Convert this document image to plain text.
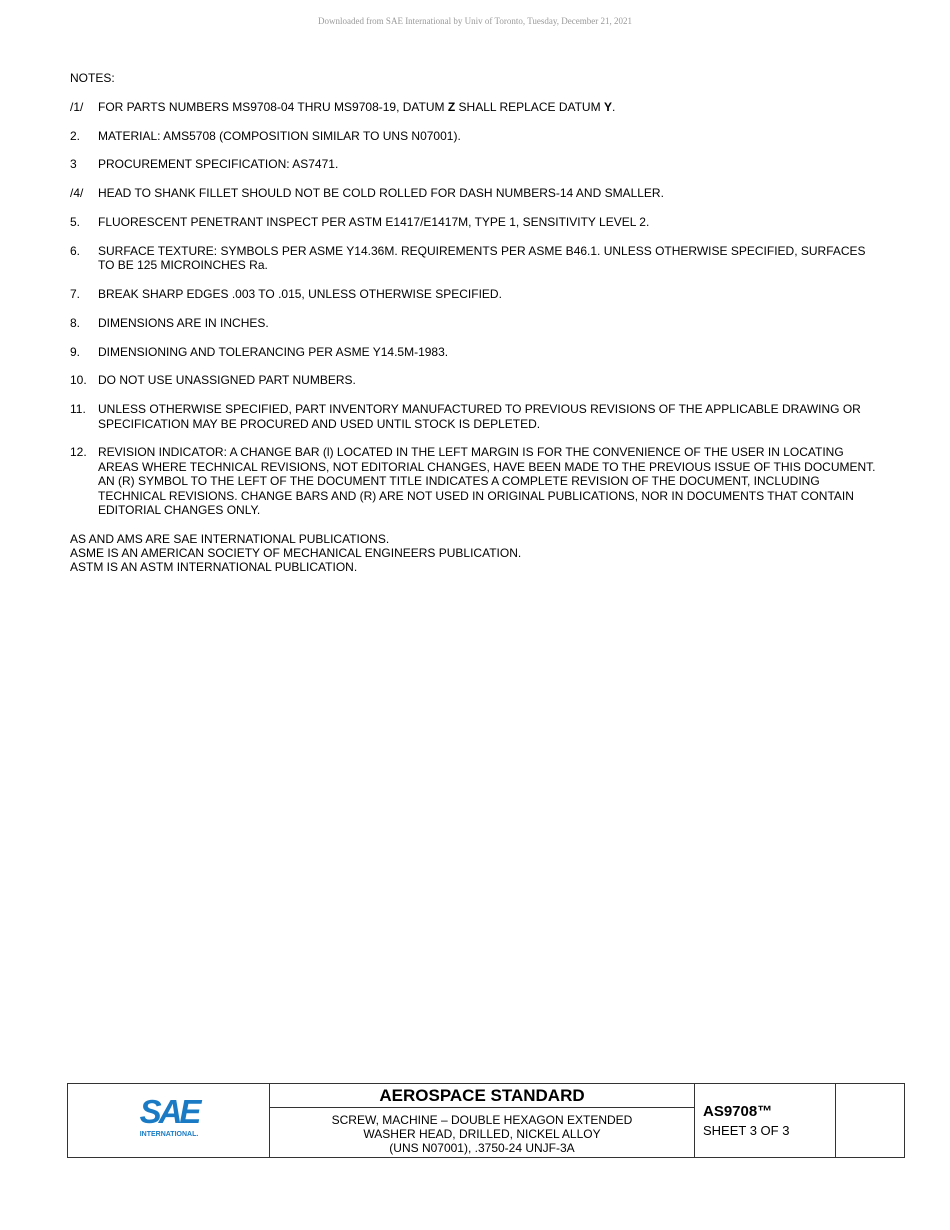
Downloaded from SAE International by Univ of Toronto, Tuesday, December 21, 2021
NOTES:
/1/	FOR PARTS NUMBERS MS9708-04 THRU MS9708-19, DATUM Z SHALL REPLACE DATUM Y.
2.	MATERIAL: AMS5708 (COMPOSITION SIMILAR TO UNS N07001).
3	PROCUREMENT SPECIFICATION: AS7471.
/4/	HEAD TO SHANK FILLET SHOULD NOT BE COLD ROLLED FOR DASH NUMBERS-14 AND SMALLER.
5.	FLUORESCENT PENETRANT INSPECT PER ASTM E1417/E1417M, TYPE 1, SENSITIVITY LEVEL 2.
6.	SURFACE TEXTURE: SYMBOLS PER ASME Y14.36M. REQUIREMENTS PER ASME B46.1. UNLESS OTHERWISE SPECIFIED, SURFACES TO BE 125 MICROINCHES Ra.
7.	BREAK SHARP EDGES .003 TO .015, UNLESS OTHERWISE SPECIFIED.
8.	DIMENSIONS ARE IN INCHES.
9.	DIMENSIONING AND TOLERANCING PER ASME Y14.5M-1983.
10. DO NOT USE UNASSIGNED PART NUMBERS.
11.	UNLESS OTHERWISE SPECIFIED, PART INVENTORY MANUFACTURED TO PREVIOUS REVISIONS OF THE APPLICABLE DRAWING OR SPECIFICATION MAY BE PROCURED AND USED UNTIL STOCK IS DEPLETED.
12. REVISION INDICATOR: A CHANGE BAR (l) LOCATED IN THE LEFT MARGIN IS FOR THE CONVENIENCE OF THE USER IN LOCATING AREAS WHERE TECHNICAL REVISIONS, NOT EDITORIAL CHANGES, HAVE BEEN MADE TO THE PREVIOUS ISSUE OF THIS DOCUMENT. AN (R) SYMBOL TO THE LEFT OF THE DOCUMENT TITLE INDICATES A COMPLETE REVISION OF THE DOCUMENT, INCLUDING TECHNICAL REVISIONS. CHANGE BARS AND (R) ARE NOT USED IN ORIGINAL PUBLICATIONS, NOR IN DOCUMENTS THAT CONTAIN EDITORIAL CHANGES ONLY.
AS AND AMS ARE SAE INTERNATIONAL PUBLICATIONS.
ASME IS AN AMERICAN SOCIETY OF MECHANICAL ENGINEERS PUBLICATION.
ASTM IS AN ASTM INTERNATIONAL PUBLICATION.
SAE
INTERNATIONAL.
AEROSPACE STANDARD
SCREW, MACHINE – DOUBLE HEXAGON EXTENDED
WASHER HEAD, DRILLED, NICKEL ALLOY
(UNS N07001), .3750-24 UNJF-3A
AS9708™
SHEET 3 OF 3
